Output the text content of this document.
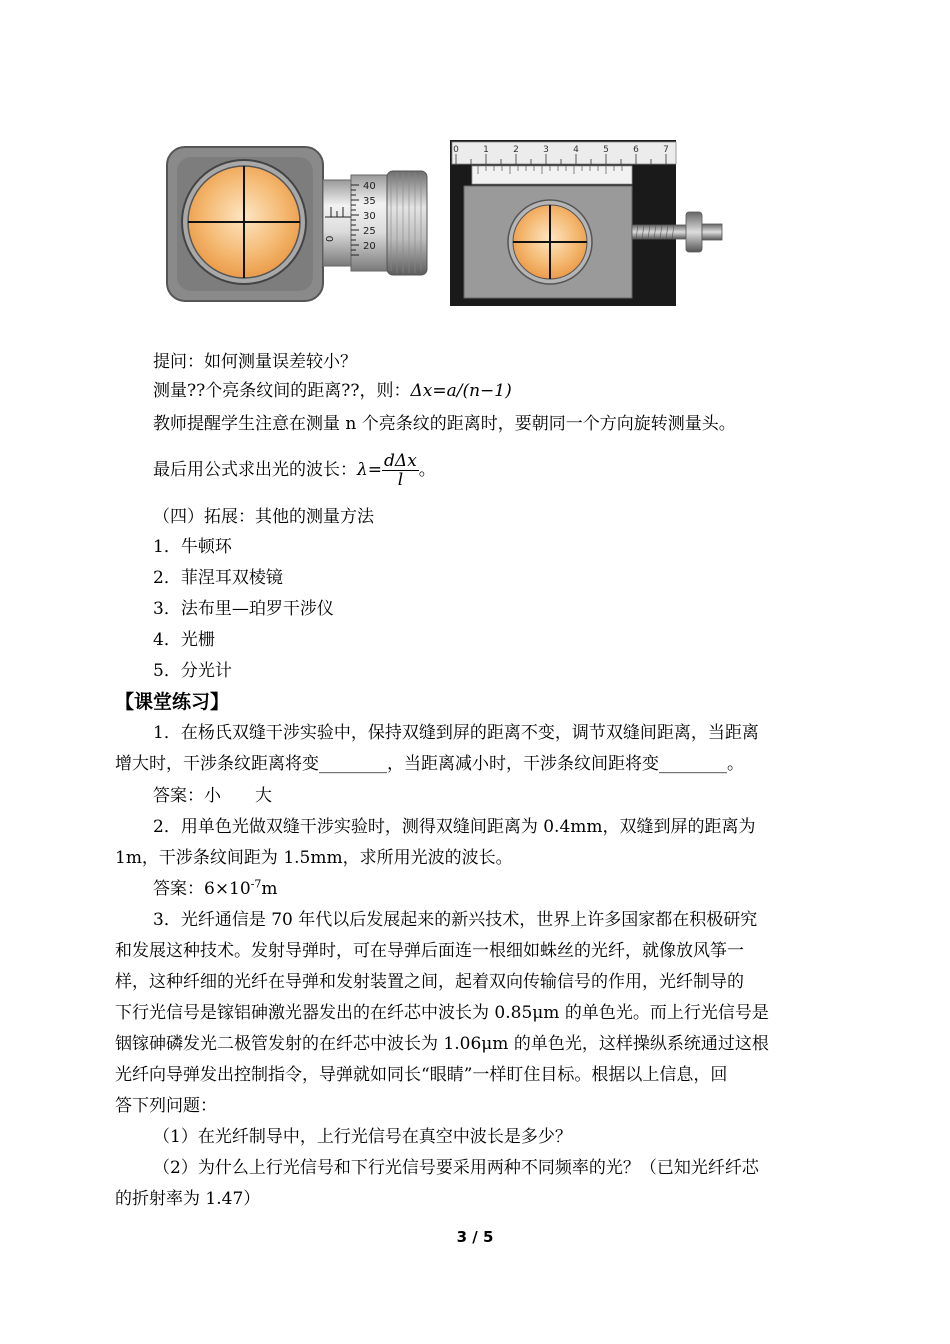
0
40
35
30
25
20
0	1	2	3	4	5	6	7
提问：如何测量误差较小？
测量??个亮条纹间的距离??，则：Δx=a/(n−1)
教师提醒学生注意在测量 n 个亮条纹的距离时，要朝同一个方向旋转测量头。
最后用公式求出光的波长：$\lambda= \frac{\text{dΔx}}{l}$ 。
（四）拓展：其他的测量方法
1．牛顿环
2．菲涅耳双棱镜
3．法布里—珀罗干涉仪
4．光栅
5．分光计
【课堂练习】
1．在杨氏双缝干涉实验中，保持双缝到屏的距离不变，调节双缝间距离，当距离
增大时，干涉条纹距离将变________，当距离减小时，干涉条纹间距将变________。
答案：小　　大
2．用单色光做双缝干涉实验时，测得双缝间距离为 0.4mm，双缝到屏的距离为
1m，干涉条纹间距为 1.5mm，求所用光波的波长。
答案：$6\times 10^{-7}m$
3．光纤通信是 70 年代以后发展起来的新兴技术，世界上许多国家都在积极研究
和发展这种技术。发射导弹时，可在导弹后面连一根细如蛛丝的光纤，就像放风筝一
样，这种纤细的光纤在导弹和发射装置之间，起着双向传输信号的作用，光纤制导的
下行光信号是镓铝砷激光器发出的在纤芯中波长为 0.85μm 的单色光。而上行光信号是
铟镓砷磷发光二极管发射的在纤芯中波长为 1.06μm 的单色光，这样操纵系统通过这根
光纤向导弹发出控制指令，导弹就如同长“眼睛”一样盯住目标。根据以上信息，回
答下列问题：
（1）在光纤制导中，上行光信号在真空中波长是多少？
（2）为什么上行光信号和下行光信号要采用两种不同频率的光？（已知光纤纤芯
的折射率为 1.47）
3 / 5
